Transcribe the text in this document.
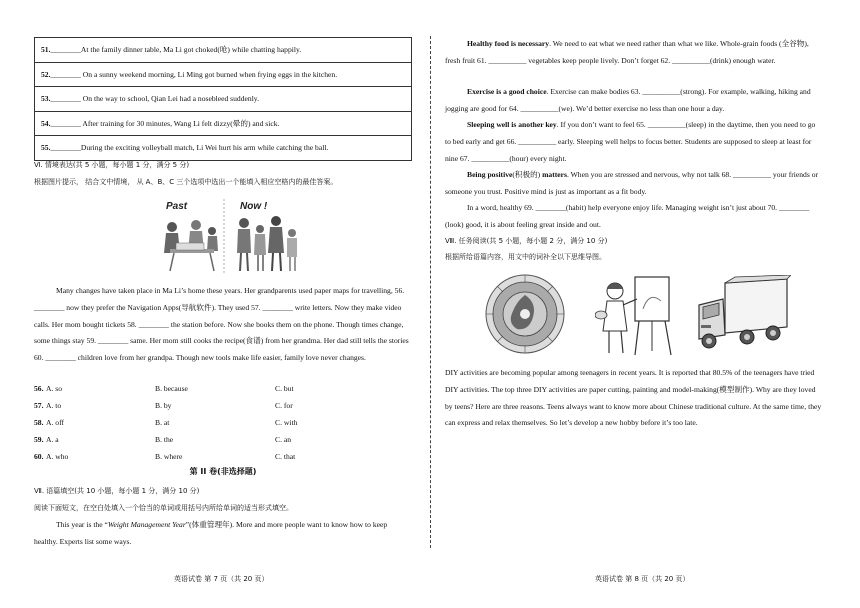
51.________At the family dinner table, Ma Li got choked(呛) while chatting happily.
52.________ On a sunny weekend morning, Li Ming got burned when frying eggs in the kitchen.
53.________ On the way to school, Qian Lei had a nosebleed suddenly.
54.________ After training for 30 minutes, Wang Li felt dizzy(晕的) and sick.
55.________During the exciting volleyball match, Li Wei hurt his arm while catching the ball.
Ⅵ. 情境表达(共 5 小题，每小题 1 分，满分 5 分)
根据图片提示， 结合文中情境， 从 A、B、C 三个选项中选出一个能填入相应空格内的最佳答案。
Past	Now !
Many changes have taken place in Ma Li’s home these years. Her grandparents used paper maps for travelling, 56. ________ now they prefer the Navigation Apps(导航软件). They used 57. ________ write letters. Now they make video calls. Her mom bought tickets 58. ________ the station before. Now she books them on the phone. Though times change, some things stay 59. ________ same. Her mom still cooks the recipe(食谱) from her grandma. Her dad still tells the stories 60. ________ children love from her grandpa. Though new tools make life easier, family love never changes.
56. A. so	B. because	C. but
57. A. to	B. by	C. for
58. A. off	B. at	C. with
59. A. a	B. the	C. an
60. A. who	B. where	C. that
第 II 卷(非选择题)
Ⅶ. 语篇填空(共 10 小题，每小题 1 分，满分 10 分)
阅读下面短文，在空白处填入一个恰当的单词或用括号内所给单词的适当形式填空。
This year is the “Weight Management Year”(体重管理年). More and more people want to know how to keep healthy. Experts list some ways.
英语试卷 第 7 页（共 20 页）
Healthy food is necessary. We need to eat what we need rather than what we like. Whole-grain foods (全谷物), fresh fruit 61. __________ vegetables keep people lively. Don’t forget 62. __________(drink) enough water.
Exercise is a good choice. Exercise can make bodies 63. __________(strong). For example, walking, hiking and jogging are good for 64. __________(we). We’d better exercise no less than one hour a day.
Sleeping well is another key. If you don’t want to feel 65. __________(sleep) in the daytime, then you need to go to bed early and get 66. __________ early. Sleeping well helps to focus better. Students are supposed to sleep at least for nine 67. __________(hour) every night.
Being positive(积极的) matters. When you are stressed and nervous, why not talk 68. __________ your friends or someone you trust. Positive mind is just as important as a fit body.
In a word, healthy 69. ________(habit) help everyone enjoy life. Managing weight isn’t just about 70. ________ (look) good, it is about feeling great inside and out.
Ⅷ. 任务阅读(共 5 小题，每小题 2 分，满分 10 分)
根据所给语篇内容，用文中的词补全以下思维导图。
DIY activities are becoming popular among teenagers in recent years. It is reported that 80.5% of the teenagers have tried DIY activities. The top three DIY activities are paper cutting, painting and model-making(模型制作). Why are they loved by teens? Here are three reasons. Teens always want to know more about Chinese traditional culture. At the same time, they can express and relax themselves. So let’s develop a new hobby before it’s too late.
英语试卷 第 8 页（共 20 页）
